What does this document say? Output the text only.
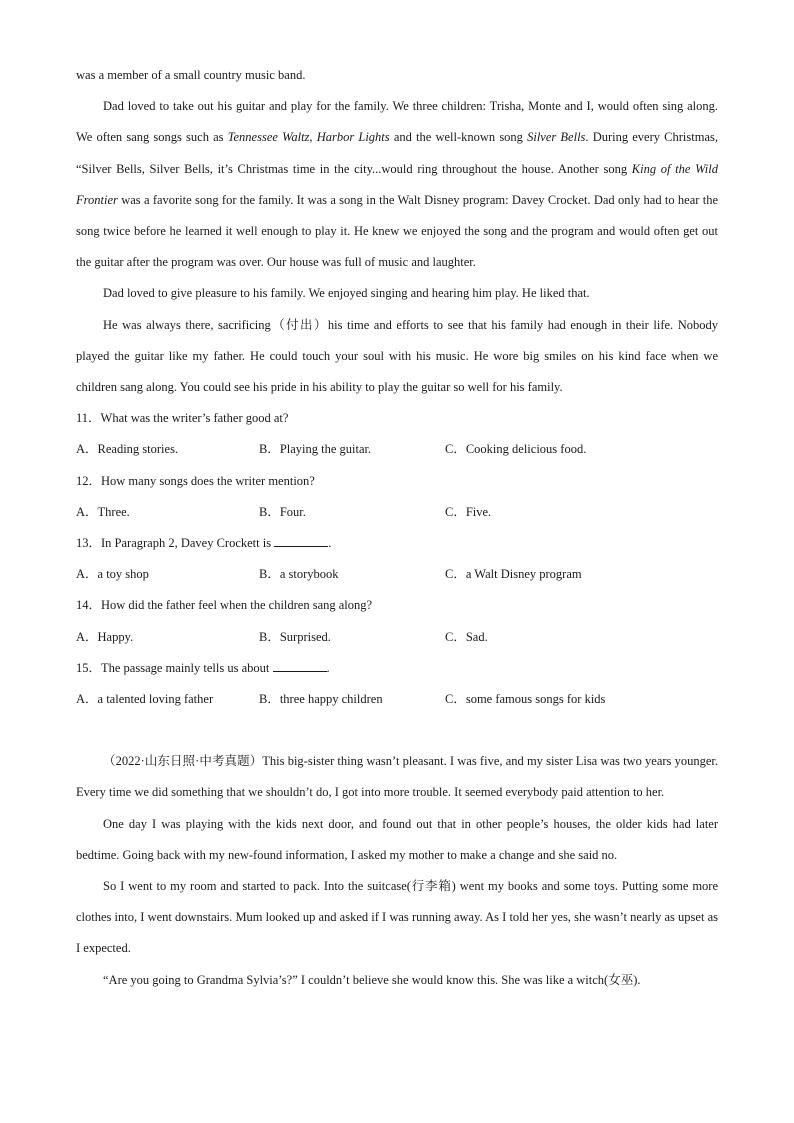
was a member of a small country music band.

Dad loved to take out his guitar and play for the family. We three children: Trisha, Monte and I, would often sing along. We often sang songs such as Tennessee Waltz, Harbor Lights and the well-known song Silver Bells. During every Christmas, “Silver Bells, Silver Bells, it’s Christmas time in the city...would ring throughout the house. Another song King of the Wild Frontier was a favorite song for the family. It was a song in the Walt Disney program: Davey Crocket. Dad only had to hear the song twice before he learned it well enough to play it. He knew we enjoyed the song and the program and would often get out the guitar after the program was over. Our house was full of music and laughter.

Dad loved to give pleasure to his family. We enjoyed singing and hearing him play. He liked that.

He was always there, sacrificing（付出）his time and efforts to see that his family had enough in their life. Nobody played the guitar like my father. He could touch your soul with his music. He wore big smiles on his kind face when we children sang along. You could see his pride in his ability to play the guitar so well for his family.

11．What was the writer’s father good at?
A．Reading stories.	B．Playing the guitar.	C．Cooking delicious food.
12．How many songs does the writer mention?
A．Three.	B．Four.	C．Five.
13．In Paragraph 2, Davey Crockett is	.
A．a toy shop	B．a storybook	C．a Walt Disney program
14．How did the father feel when the children sang along?
A．Happy.	B．Surprised.	C．Sad.
15．The passage mainly tells us about	.
A．a talented loving father	B．three happy children	C．some famous songs for kids

（2022·山东日照·中考真题）This big-sister thing wasn’t pleasant. I was five, and my sister Lisa was two years younger. Every time we did something that we shouldn’t do, I got into more trouble. It seemed everybody paid attention to her.

One day I was playing with the kids next door, and found out that in other people’s houses, the older kids had later bedtime. Going back with my new-found information, I asked my mother to make a change and she said no.

So I went to my room and started to pack. Into the suitcase(行李箱) went my books and some toys. Putting some more clothes into, I went downstairs. Mum looked up and asked if I was running away. As I told her yes, she wasn’t nearly as upset as I expected.

“Are you going to Grandma Sylvia’s?” I couldn’t believe she would know this. She was like a witch(女巫).
